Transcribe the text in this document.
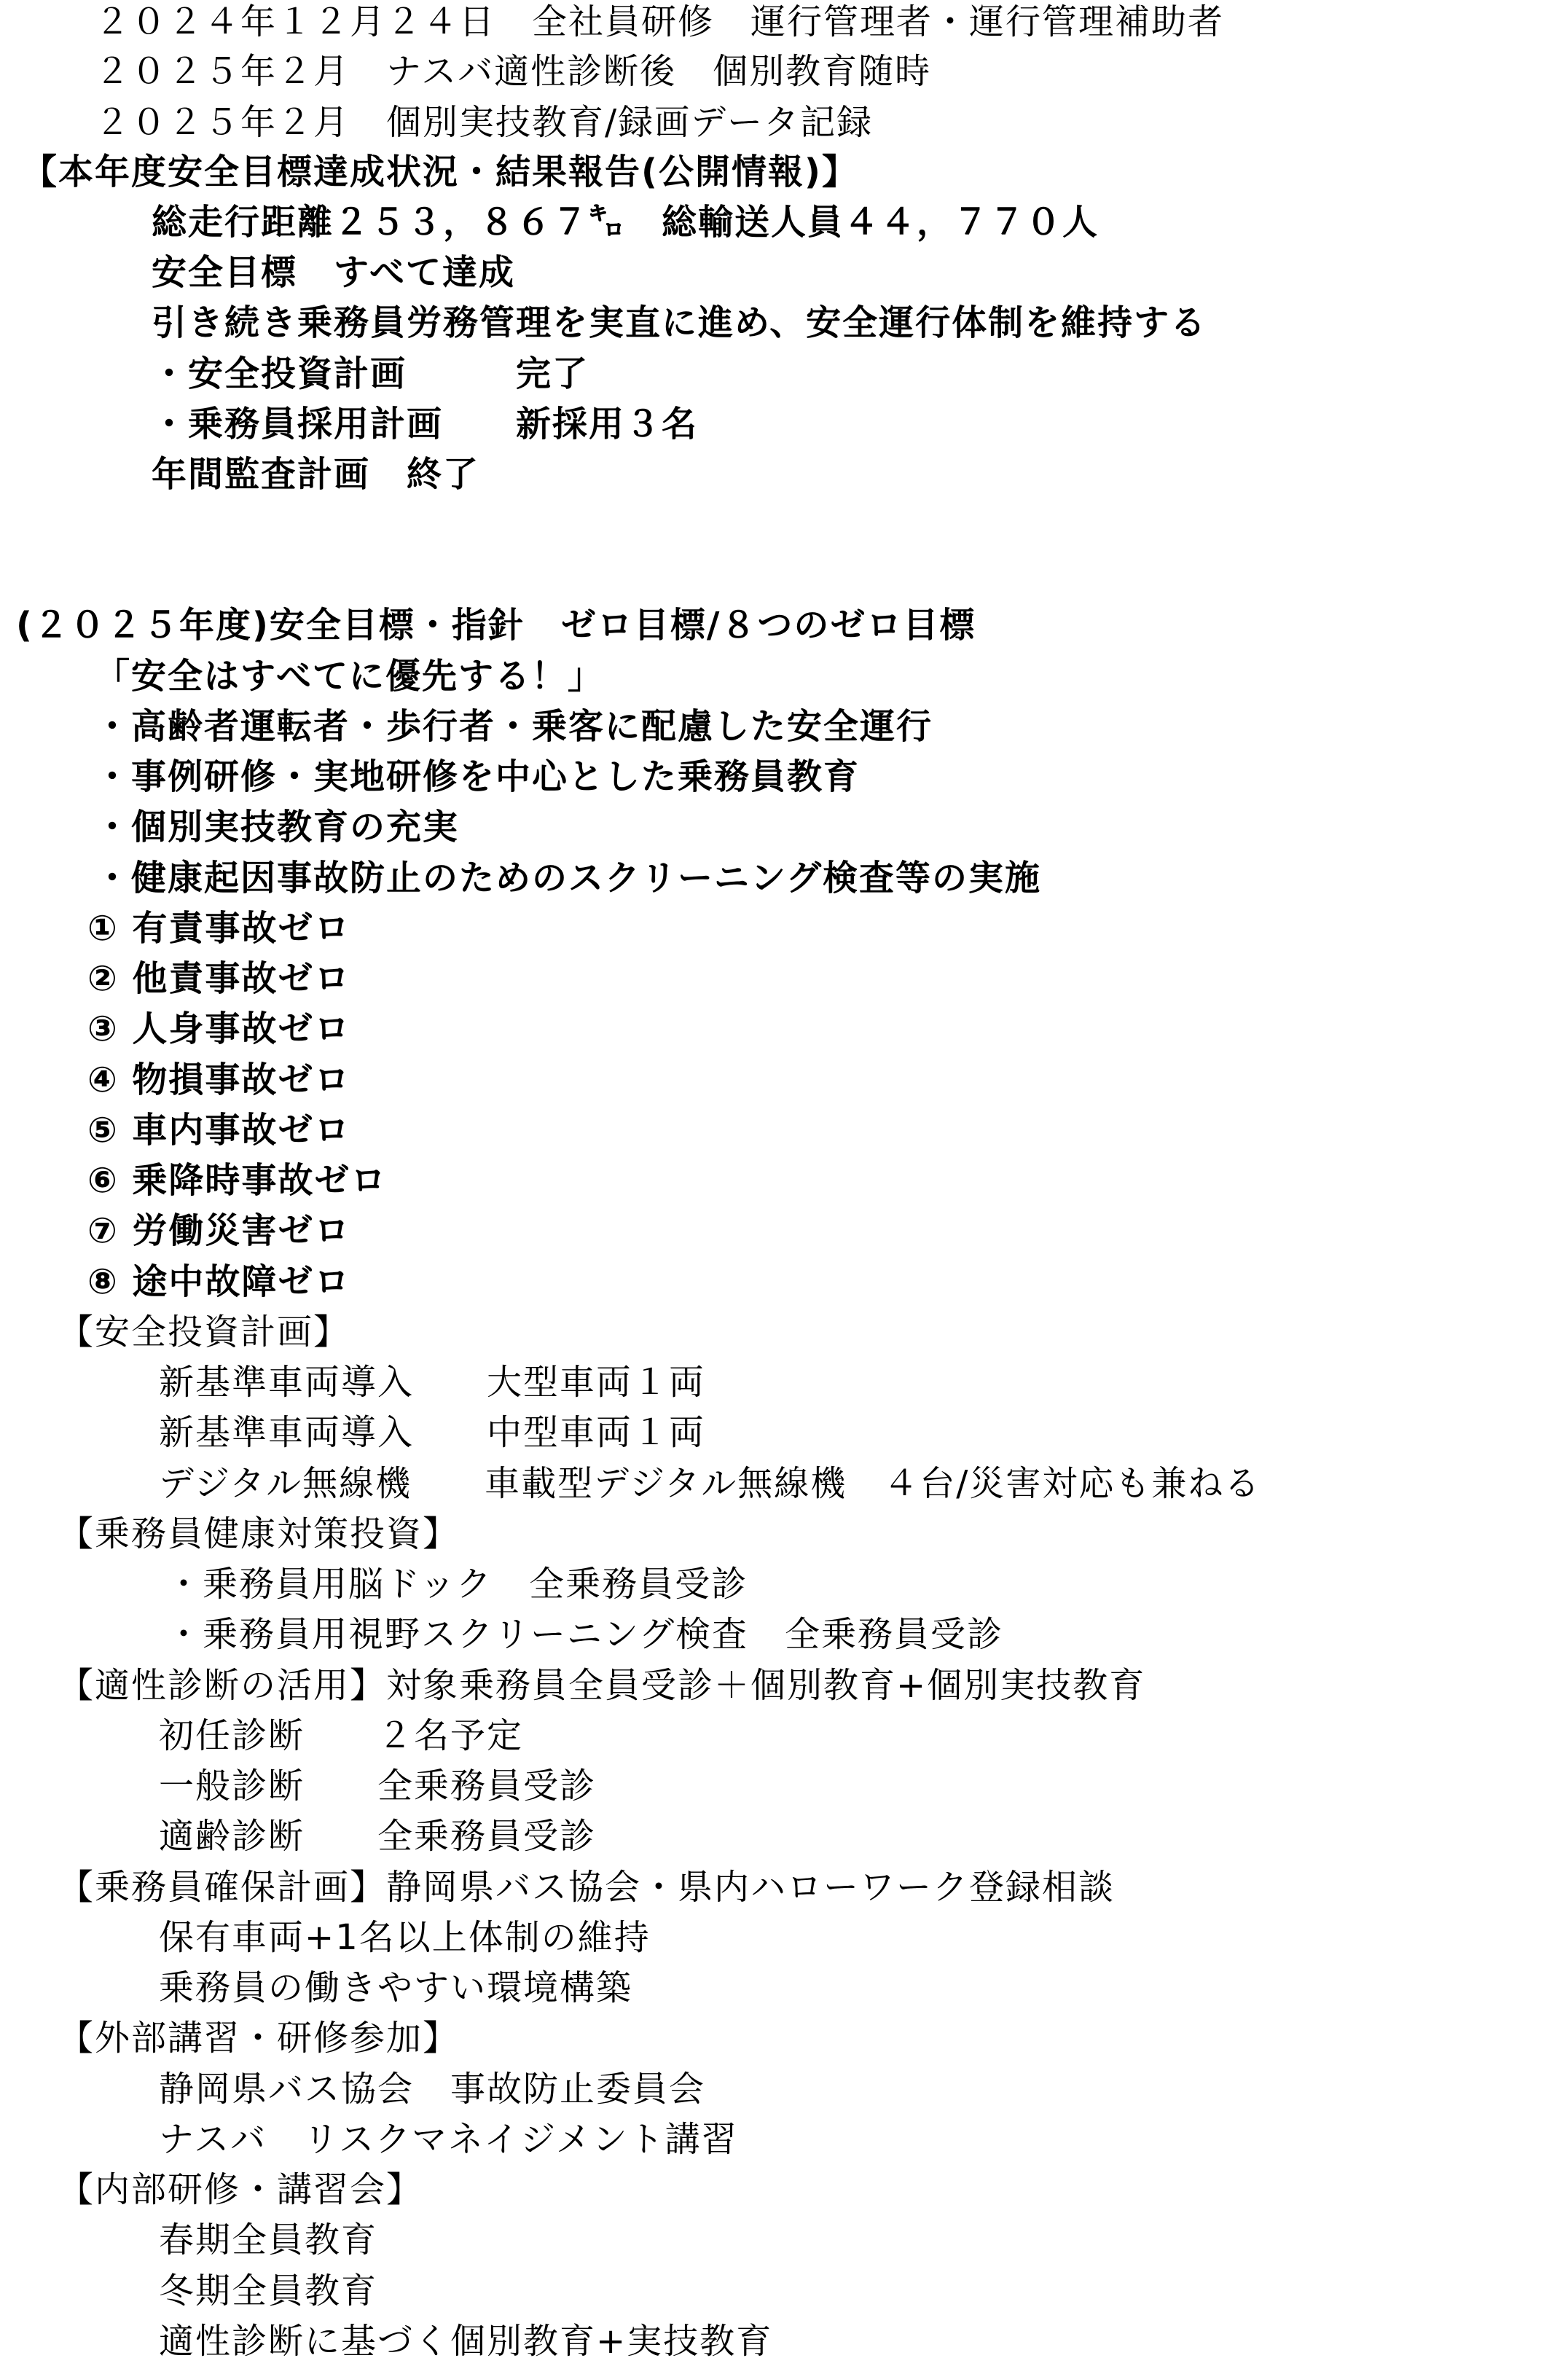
２０２４年１２月２４日　全社員研修　運行管理者・運行管理補助者
２０２５年２月　ナスバ適性診断後　個別教育随時
２０２５年２月　個別実技教育/録画データ記録
【本年度安全目標達成状況・結果報告(公開情報)】
総走行距離２５３，８６７㌔　総輸送人員４４，７７０人
安全目標　すべて達成
引き続き乗務員労務管理を実直に進め、安全運行体制を維持する
・安全投資計画　　　完了
・乗務員採用計画　　新採用３名
年間監査計画　終了
(２０２５年度)安全目標・指針　ゼロ目標/８つのゼロ目標
「安全はすべてに優先する！」
・高齢者運転者・歩行者・乗客に配慮した安全運行
・事例研修・実地研修を中心とした乗務員教育
・個別実技教育の充実
・健康起因事故防止のためのスクリーニング検査等の実施
① 有責事故ゼロ
② 他責事故ゼロ
③ 人身事故ゼロ
④ 物損事故ゼロ
⑤ 車内事故ゼロ
⑥ 乗降時事故ゼロ
⑦ 労働災害ゼロ
⑧ 途中故障ゼロ
【安全投資計画】
新基準車両導入　　大型車両１両
新基準車両導入　　中型車両１両
デジタル無線機　　車載型デジタル無線機　４台/災害対応も兼ねる
【乗務員健康対策投資】
・乗務員用脳ドック　全乗務員受診
・乗務員用視野スクリーニング検査　全乗務員受診
【適性診断の活用】対象乗務員全員受診＋個別教育+個別実技教育
初任診断　　２名予定
一般診断　　全乗務員受診
適齢診断　　全乗務員受診
【乗務員確保計画】静岡県バス協会・県内ハローワーク登録相談
保有車両+1名以上体制の維持
乗務員の働きやすい環境構築
【外部講習・研修参加】
静岡県バス協会　事故防止委員会
ナスバ　リスクマネイジメント講習
【内部研修・講習会】
春期全員教育
冬期全員教育
適性診断に基づく個別教育+実技教育
